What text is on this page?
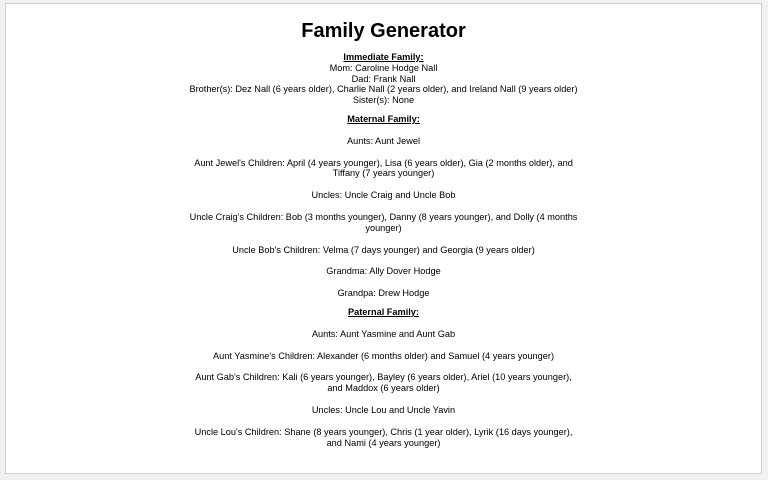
Family Generator

Immediate Family:

Mom: Caroline Hodge Nall

Dad: Frank Nall

Brother(s): Dez Nall (6 years older), Charlie Nall (2 years older), and Ireland Nall (9 years older)

Sister(s): None

Maternal Family:

Aunts: Aunt Jewel

Aunt Jewel's Children: April (4 years younger), Lisa (6 years older), Gia (2 months older), and Tiffany (7 years younger)

Uncles: Uncle Craig and Uncle Bob

Uncle Craig's Children: Bob (3 months younger), Danny (8 years younger), and Dolly (4 months younger)

Uncle Bob's Children: Velma (7 days younger) and Georgia (9 years older)

Grandma: Ally Dover Hodge

Grandpa: Drew Hodge

Paternal Family:

Aunts: Aunt Yasmine and Aunt Gab

Aunt Yasmine's Children: Alexander (6 months older) and Samuel (4 years younger)

Aunt Gab's Children: Kali (6 years younger), Bayley (6 years older), Ariel (10 years younger), and Maddox (6 years older)

Uncles: Uncle Lou and Uncle Yavin

Uncle Lou's Children: Shane (8 years younger), Chris (1 year older), Lyrik (16 days younger), and Nami (4 years younger)
